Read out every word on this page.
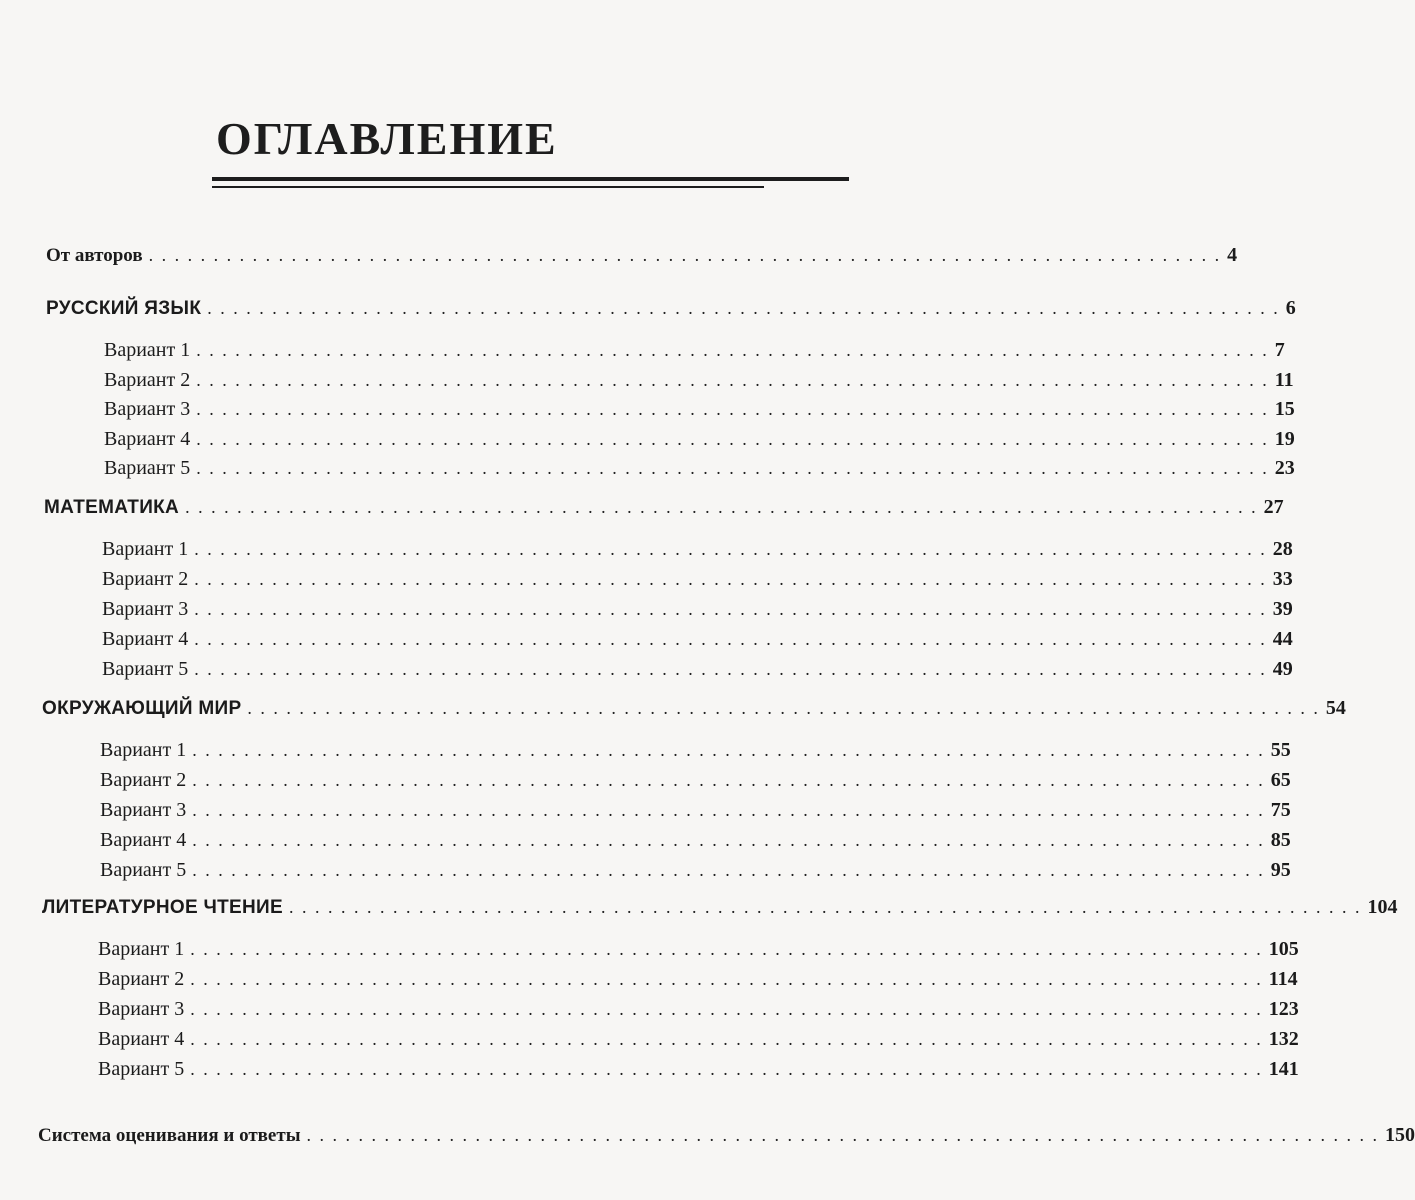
ОГЛАВЛЕНИЕ
От авторов . . . . . . . . . . . . . . . . . . . . . . . . . . . . . . . . . . . . . . . . . . . . . . . . . . . . . . . . . . . . . . . . . . . . . . . . . . . . . . . . . . . 4
РУССКИЙ ЯЗЫК . . . . . . . . . . . . . . . . . . . . . . . . . . . . . . . . . . . . . . . . . . . . . . . . . . . . . . . . . . . . . . . . . . . . . . . . . . . . . . . . . . . 6
Вариант 1 . . . . . . . . . . . . . . . . . . . . . . . . . . . . . . . . . . . . . . . . . . . . . . . . . . . . . . . . . . . . . . . . . . . . . . . . . . . . . . . . . . . 7
Вариант 2 . . . . . . . . . . . . . . . . . . . . . . . . . . . . . . . . . . . . . . . . . . . . . . . . . . . . . . . . . . . . . . . . . . . . . . . . . . . . . . . . . . . 11
Вариант 3 . . . . . . . . . . . . . . . . . . . . . . . . . . . . . . . . . . . . . . . . . . . . . . . . . . . . . . . . . . . . . . . . . . . . . . . . . . . . . . . . . . . 15
Вариант 4 . . . . . . . . . . . . . . . . . . . . . . . . . . . . . . . . . . . . . . . . . . . . . . . . . . . . . . . . . . . . . . . . . . . . . . . . . . . . . . . . . . . 19
Вариант 5 . . . . . . . . . . . . . . . . . . . . . . . . . . . . . . . . . . . . . . . . . . . . . . . . . . . . . . . . . . . . . . . . . . . . . . . . . . . . . . . . . . . 23
МАТЕМАТИКА . . . . . . . . . . . . . . . . . . . . . . . . . . . . . . . . . . . . . . . . . . . . . . . . . . . . . . . . . . . . . . . . . . . . . . . . . . . . . . . . . . . 27
Вариант 1 . . . . . . . . . . . . . . . . . . . . . . . . . . . . . . . . . . . . . . . . . . . . . . . . . . . . . . . . . . . . . . . . . . . . . . . . . . . . . . . . . . . 28
Вариант 2 . . . . . . . . . . . . . . . . . . . . . . . . . . . . . . . . . . . . . . . . . . . . . . . . . . . . . . . . . . . . . . . . . . . . . . . . . . . . . . . . . . . 33
Вариант 3 . . . . . . . . . . . . . . . . . . . . . . . . . . . . . . . . . . . . . . . . . . . . . . . . . . . . . . . . . . . . . . . . . . . . . . . . . . . . . . . . . . . 39
Вариант 4 . . . . . . . . . . . . . . . . . . . . . . . . . . . . . . . . . . . . . . . . . . . . . . . . . . . . . . . . . . . . . . . . . . . . . . . . . . . . . . . . . . . 44
Вариант 5 . . . . . . . . . . . . . . . . . . . . . . . . . . . . . . . . . . . . . . . . . . . . . . . . . . . . . . . . . . . . . . . . . . . . . . . . . . . . . . . . . . . 49
ОКРУЖАЮЩИЙ МИР . . . . . . . . . . . . . . . . . . . . . . . . . . . . . . . . . . . . . . . . . . . . . . . . . . . . . . . . . . . . . . . . . . . . . . . . . . . . . . . . . . . 54
Вариант 1 . . . . . . . . . . . . . . . . . . . . . . . . . . . . . . . . . . . . . . . . . . . . . . . . . . . . . . . . . . . . . . . . . . . . . . . . . . . . . . . . . . . 55
Вариант 2 . . . . . . . . . . . . . . . . . . . . . . . . . . . . . . . . . . . . . . . . . . . . . . . . . . . . . . . . . . . . . . . . . . . . . . . . . . . . . . . . . . . 65
Вариант 3 . . . . . . . . . . . . . . . . . . . . . . . . . . . . . . . . . . . . . . . . . . . . . . . . . . . . . . . . . . . . . . . . . . . . . . . . . . . . . . . . . . . 75
Вариант 4 . . . . . . . . . . . . . . . . . . . . . . . . . . . . . . . . . . . . . . . . . . . . . . . . . . . . . . . . . . . . . . . . . . . . . . . . . . . . . . . . . . . 85
Вариант 5 . . . . . . . . . . . . . . . . . . . . . . . . . . . . . . . . . . . . . . . . . . . . . . . . . . . . . . . . . . . . . . . . . . . . . . . . . . . . . . . . . . . 95
ЛИТЕРАТУРНОЕ ЧТЕНИЕ . . . . . . . . . . . . . . . . . . . . . . . . . . . . . . . . . . . . . . . . . . . . . . . . . . . . . . . . . . . . . . . . . . . . . . . . . . . . . . . . . . . 104
Вариант 1 . . . . . . . . . . . . . . . . . . . . . . . . . . . . . . . . . . . . . . . . . . . . . . . . . . . . . . . . . . . . . . . . . . . . . . . . . . . . . . . . . . . 105
Вариант 2 . . . . . . . . . . . . . . . . . . . . . . . . . . . . . . . . . . . . . . . . . . . . . . . . . . . . . . . . . . . . . . . . . . . . . . . . . . . . . . . . . . . 114
Вариант 3 . . . . . . . . . . . . . . . . . . . . . . . . . . . . . . . . . . . . . . . . . . . . . . . . . . . . . . . . . . . . . . . . . . . . . . . . . . . . . . . . . . . 123
Вариант 4 . . . . . . . . . . . . . . . . . . . . . . . . . . . . . . . . . . . . . . . . . . . . . . . . . . . . . . . . . . . . . . . . . . . . . . . . . . . . . . . . . . . 132
Вариант 5 . . . . . . . . . . . . . . . . . . . . . . . . . . . . . . . . . . . . . . . . . . . . . . . . . . . . . . . . . . . . . . . . . . . . . . . . . . . . . . . . . . . 141
Система оценивания и ответы . . . . . . . . . . . . . . . . . . . . . . . . . . . . . . . . . . . . . . . . . . . . . . . . . . . . . . . . . . . . . . . . . . . . . . . . . . . . . . . . . . . 150
